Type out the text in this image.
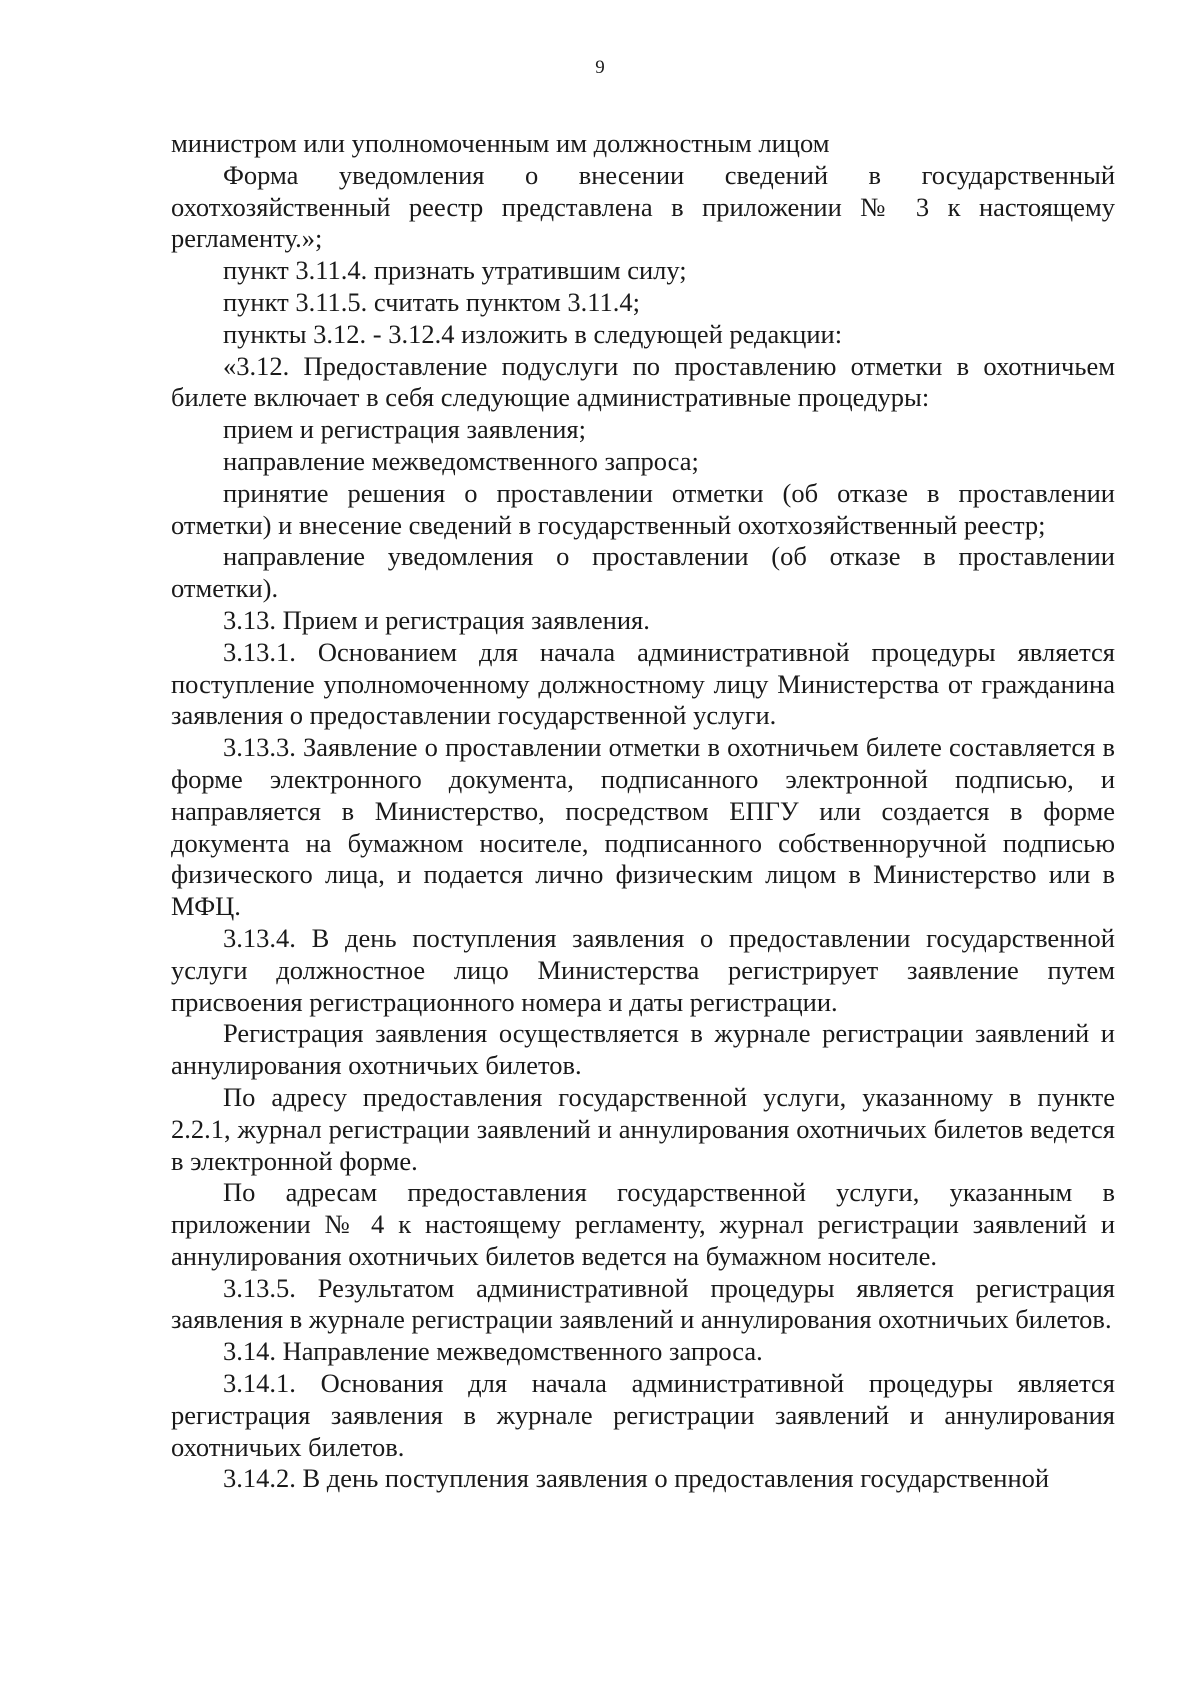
9

министром или уполномоченным им должностным лицом

Форма уведомления о внесении сведений в государственный охотхозяйственный реестр представлена в приложении № 3 к настоящему регламенту.»;

пункт 3.11.4. признать утратившим силу;

пункт 3.11.5. считать пунктом 3.11.4;

пункты 3.12. - 3.12.4 изложить в следующей редакции:

«3.12. Предоставление подуслуги по проставлению отметки в охотничьем билете включает в себя следующие административные процедуры:

прием и регистрация заявления;

направление межведомственного запроса;

принятие решения о проставлении отметки (об отказе в проставлении отметки) и внесение сведений в государственный охотхозяйственный реестр;

направление уведомления о проставлении (об отказе в проставлении отметки).

3.13. Прием и регистрация заявления.

3.13.1. Основанием для начала административной процедуры является поступление уполномоченному должностному лицу Министерства от гражданина заявления о предоставлении государственной услуги.

3.13.3. Заявление о проставлении отметки в охотничьем билете составляется в форме электронного документа, подписанного электронной подписью, и направляется в Министерство, посредством ЕПГУ или создается в форме документа на бумажном носителе, подписанного собственноручной подписью физического лица, и подается лично физическим лицом в Министерство или в МФЦ.

3.13.4. В день поступления заявления о предоставлении государственной услуги должностное лицо Министерства регистрирует заявление путем присвоения регистрационного номера и даты регистрации.

Регистрация заявления осуществляется в журнале регистрации заявлений и аннулирования охотничьих билетов.

По адресу предоставления государственной услуги, указанному в пункте 2.2.1, журнал регистрации заявлений и аннулирования охотничьих билетов ведется в электронной форме.

По адресам предоставления государственной услуги, указанным в приложении № 4 к настоящему регламенту, журнал регистрации заявлений и аннулирования охотничьих билетов ведется на бумажном носителе.

3.13.5. Результатом административной процедуры является регистрация заявления в журнале регистрации заявлений и аннулирования охотничьих билетов.

3.14. Направление межведомственного запроса.

3.14.1. Основания для начала административной процедуры является регистрация заявления в журнале регистрации заявлений и аннулирования охотничьих билетов.

3.14.2. В день поступления заявления о предоставления государственной
